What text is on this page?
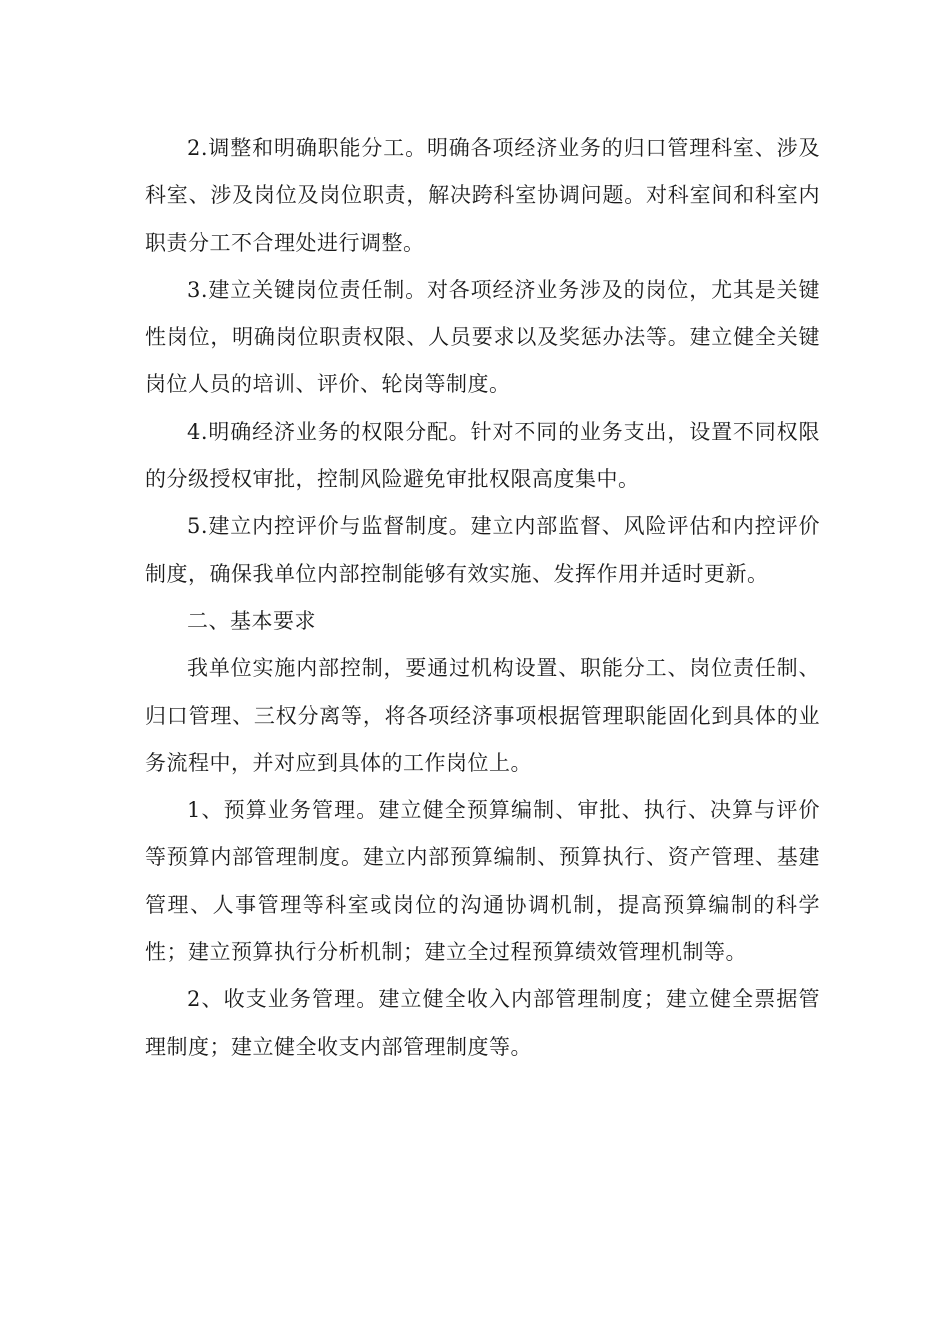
2.调整和明确职能分工。明确各项经济业务的归口管理科室、涉及科室、涉及岗位及岗位职责，解决跨科室协调问题。对科室间和科室内职责分工不合理处进行调整。

3.建立关键岗位责任制。对各项经济业务涉及的岗位，尤其是关键性岗位，明确岗位职责权限、人员要求以及奖惩办法等。建立健全关键岗位人员的培训、评价、轮岗等制度。

4.明确经济业务的权限分配。针对不同的业务支出，设置不同权限的分级授权审批，控制风险避免审批权限高度集中。

5.建立内控评价与监督制度。建立内部监督、风险评估和内控评价制度，确保我单位内部控制能够有效实施、发挥作用并适时更新。

二、基本要求

我单位实施内部控制，要通过机构设置、职能分工、岗位责任制、归口管理、三权分离等，将各项经济事项根据管理职能固化到具体的业务流程中，并对应到具体的工作岗位上。

1、预算业务管理。建立健全预算编制、审批、执行、决算与评价等预算内部管理制度。建立内部预算编制、预算执行、资产管理、基建管理、人事管理等科室或岗位的沟通协调机制，提高预算编制的科学性；建立预算执行分析机制；建立全过程预算绩效管理机制等。

2、收支业务管理。建立健全收入内部管理制度；建立健全票据管理制度；建立健全收支内部管理制度等。
